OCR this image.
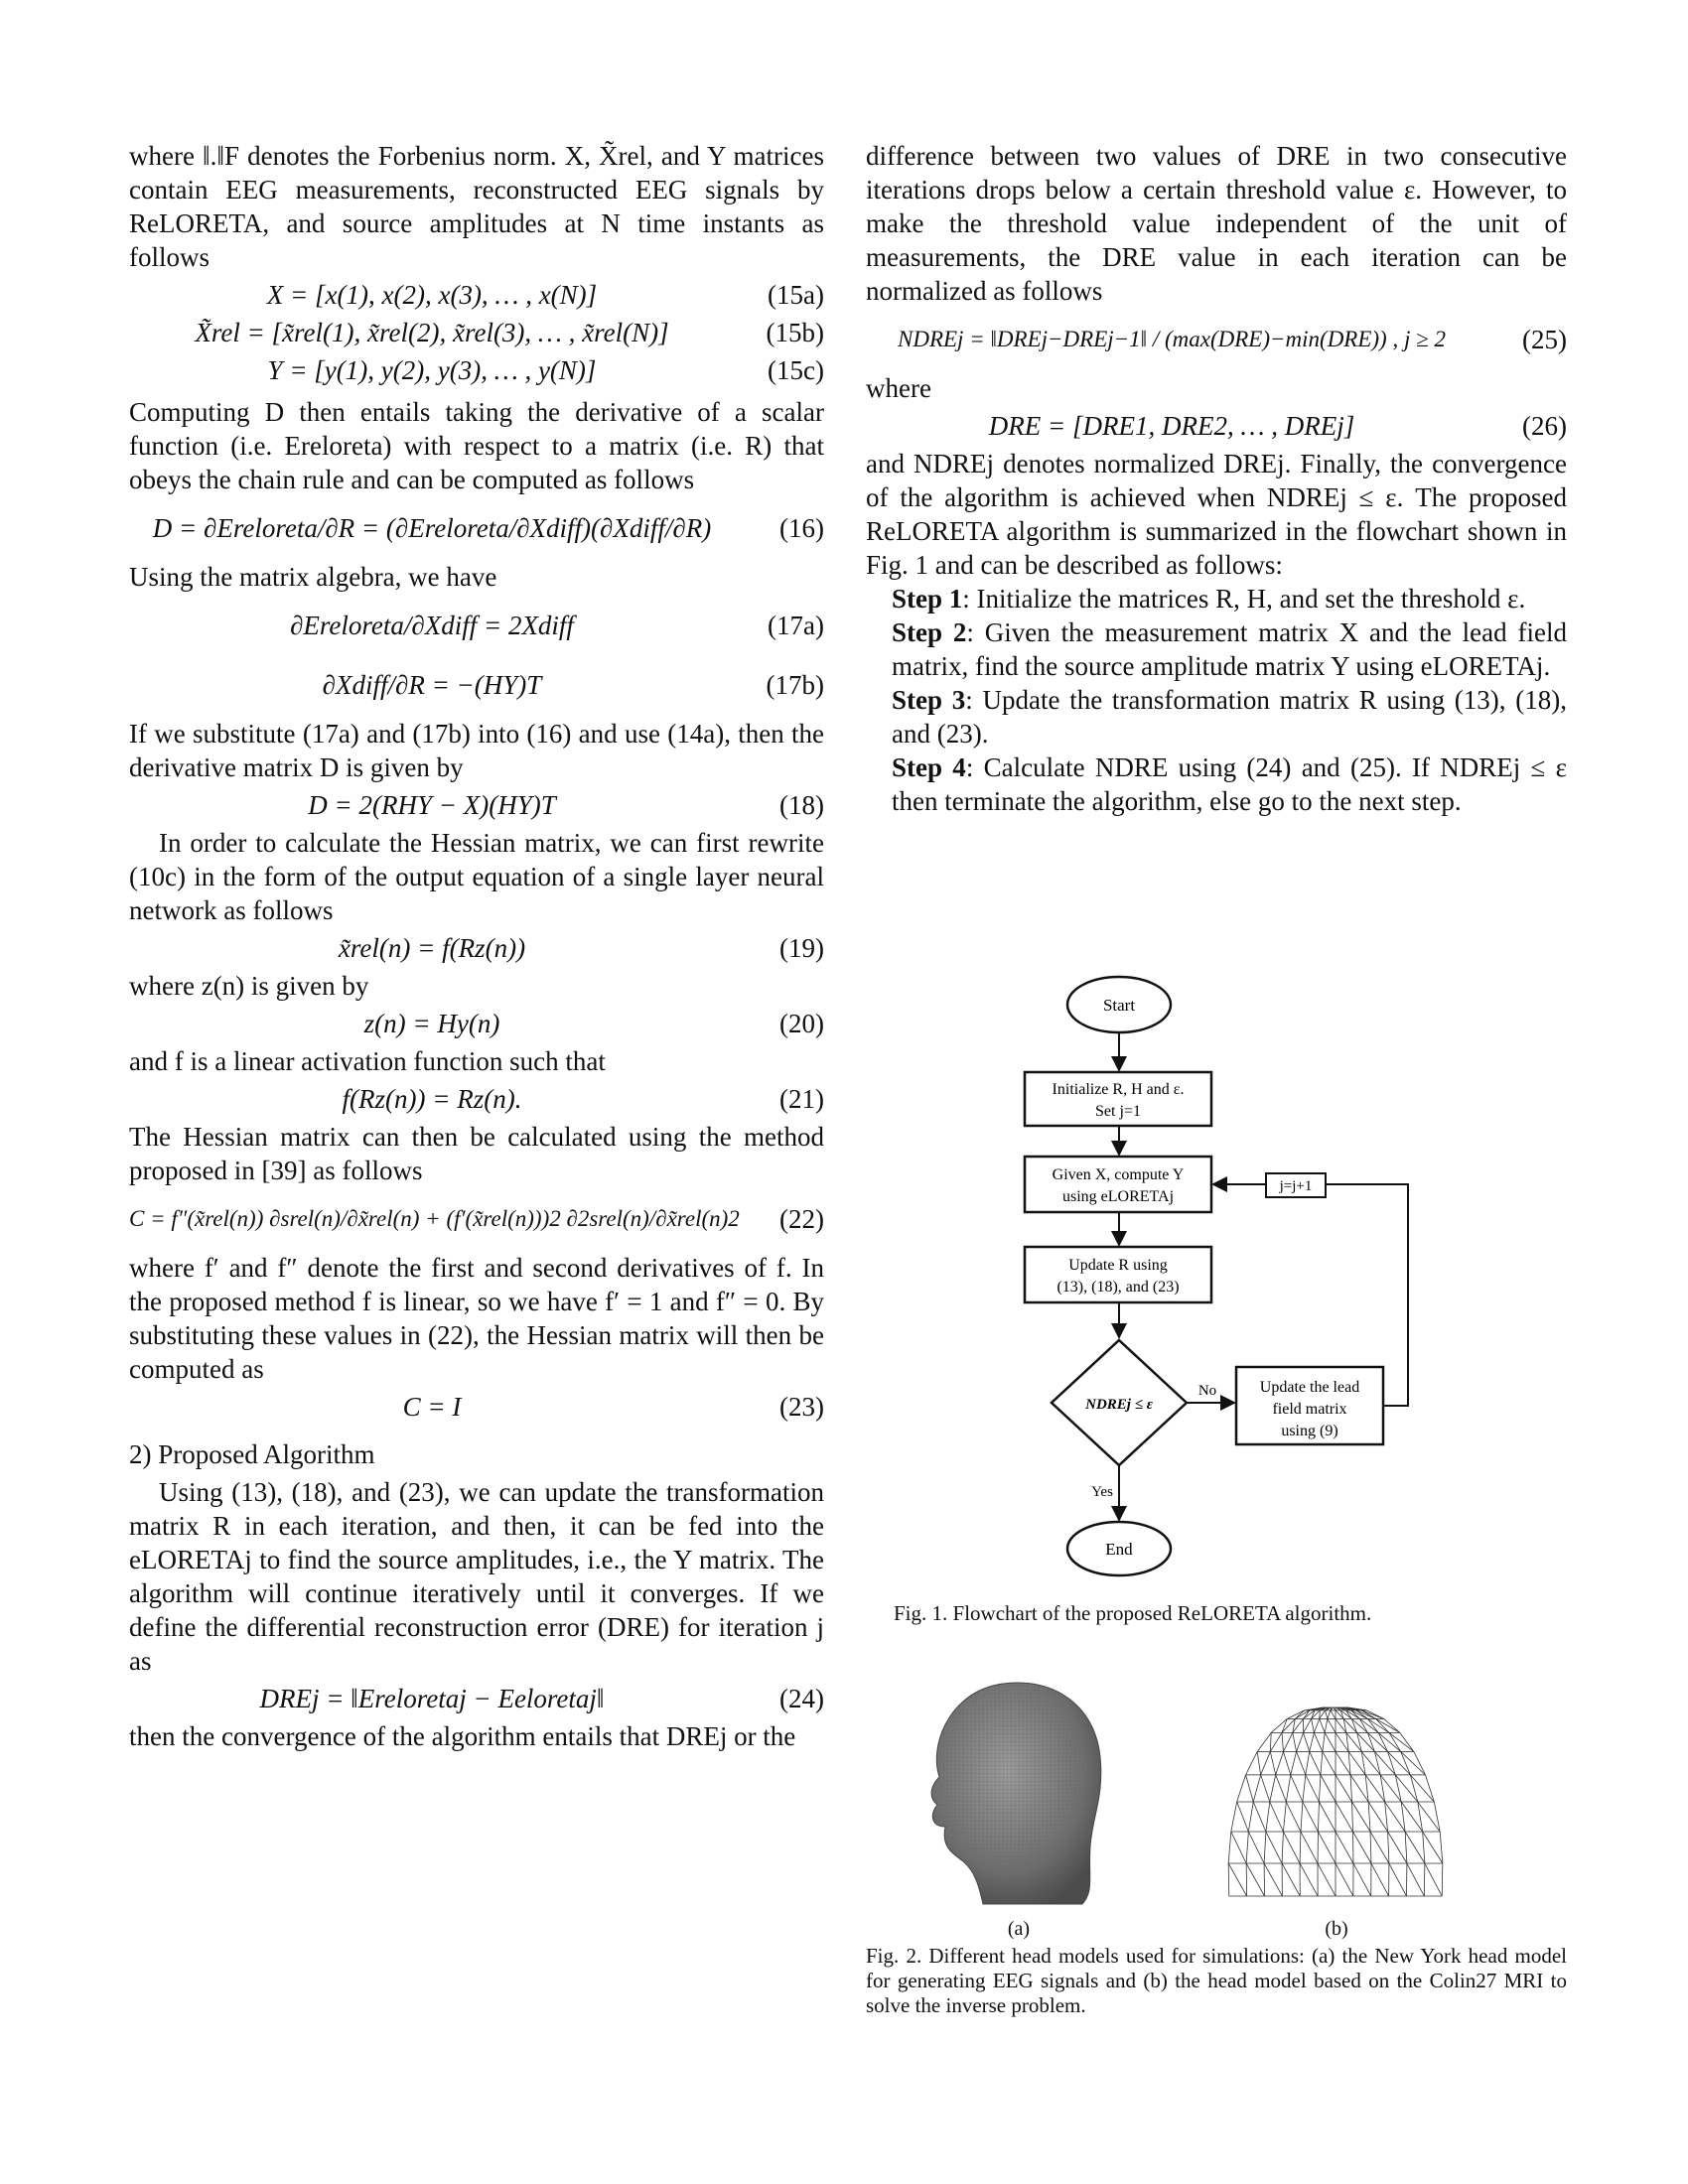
where ‖.‖F denotes the Forbenius norm. X, X̃rel, and Y matrices contain EEG measurements, reconstructed EEG signals by ReLORETA, and source amplitudes at N time instants as follows

X = [x(1), x(2), x(3), … , x(N)]	(15a)
X̃rel = [x̃rel(1), x̃rel(2), x̃rel(3), … , x̃rel(N)]	(15b)
Y = [y(1), y(2), y(3), … , y(N)]	(15c)

Computing D then entails taking the derivative of a scalar function (i.e. Ereloreta) with respect to a matrix (i.e. R) that obeys the chain rule and can be computed as follows

D = ∂Ereloreta/∂R = (∂Ereloreta/∂Xdiff)(∂Xdiff/∂R)	(16)

Using the matrix algebra, we have

∂Ereloreta/∂Xdiff = 2Xdiff	(17a)
∂Xdiff/∂R = −(HY)T	(17b)

If we substitute (17a) and (17b) into (16) and use (14a), then the derivative matrix D is given by

D = 2(RHY − X)(HY)T	(18)

In order to calculate the Hessian matrix, we can first rewrite (10c) in the form of the output equation of a single layer neural network as follows

x̃rel(n) = f(Rz(n))	(19)

where z(n) is given by

z(n) = Hy(n)	(20)

and f is a linear activation function such that

f(Rz(n)) = Rz(n).	(21)

The Hessian matrix can then be calculated using the method proposed in [39] as follows

C = f″(x̃rel(n)) ∂srel(n)/∂x̃rel(n) + (f′(x̃rel(n)))2 ∂2srel(n)/∂x̃rel(n)2 (22)

where f′ and f″ denote the first and second derivatives of f. In the proposed method f is linear, so we have f′ = 1 and f″ = 0. By substituting these values in (22), the Hessian matrix will then be computed as

C = I	(23)
2) Proposed Algorithm

Using (13), (18), and (23), we can update the transformation matrix R in each iteration, and then, it can be fed into the eLORETAj to find the source amplitudes, i.e., the Y matrix. The algorithm will continue iteratively until it converges. If we define the differential reconstruction error (DRE) for iteration j as

DREj = ‖Ereloretaj − Eeloretaj‖	(24)

then the convergence of the algorithm entails that DREj or the

difference between two values of DRE in two consecutive iterations drops below a certain threshold value ε. However, to make the threshold value independent of the unit of measurements, the DRE value in each iteration can be normalized as follows

NDREj = ‖DREj−DREj−1‖ / (max(DRE)−min(DRE)) , j ≥ 2	(25)

where

DRE = [DRE1, DRE2, … , DREj]	(26)

and NDREj denotes normalized DREj. Finally, the convergence of the algorithm is achieved when NDREj ≤ ε. The proposed ReLORETA algorithm is summarized in the flowchart shown in Fig. 1 and can be described as follows:

Step 1: Initialize the matrices R, H, and set the threshold ε.
Step 2: Given the measurement matrix X and the lead field matrix, find the source amplitude matrix Y using eLORETAj.
Step 3: Update the transformation matrix R using (13), (18), and (23).
Step 4: Calculate NDRE using (24) and (25). If NDREj ≤ ε then terminate the algorithm, else go to the next step.
Start
Initialize R, H and ε.
Set j=1
Given X, compute Y
using eLORETAj
Update R using
(13), (18), and (23)
NDREj ≤ ε
No	Update the lead
field matrix
using (9)
j=j+1
Yes
End
Fig. 1. Flowchart of the proposed ReLORETA algorithm.
(a)	(b)
Fig. 2. Different head models used for simulations: (a) the New York head model for generating EEG signals and (b) the head model based on the Colin27 MRI to solve the inverse problem.
